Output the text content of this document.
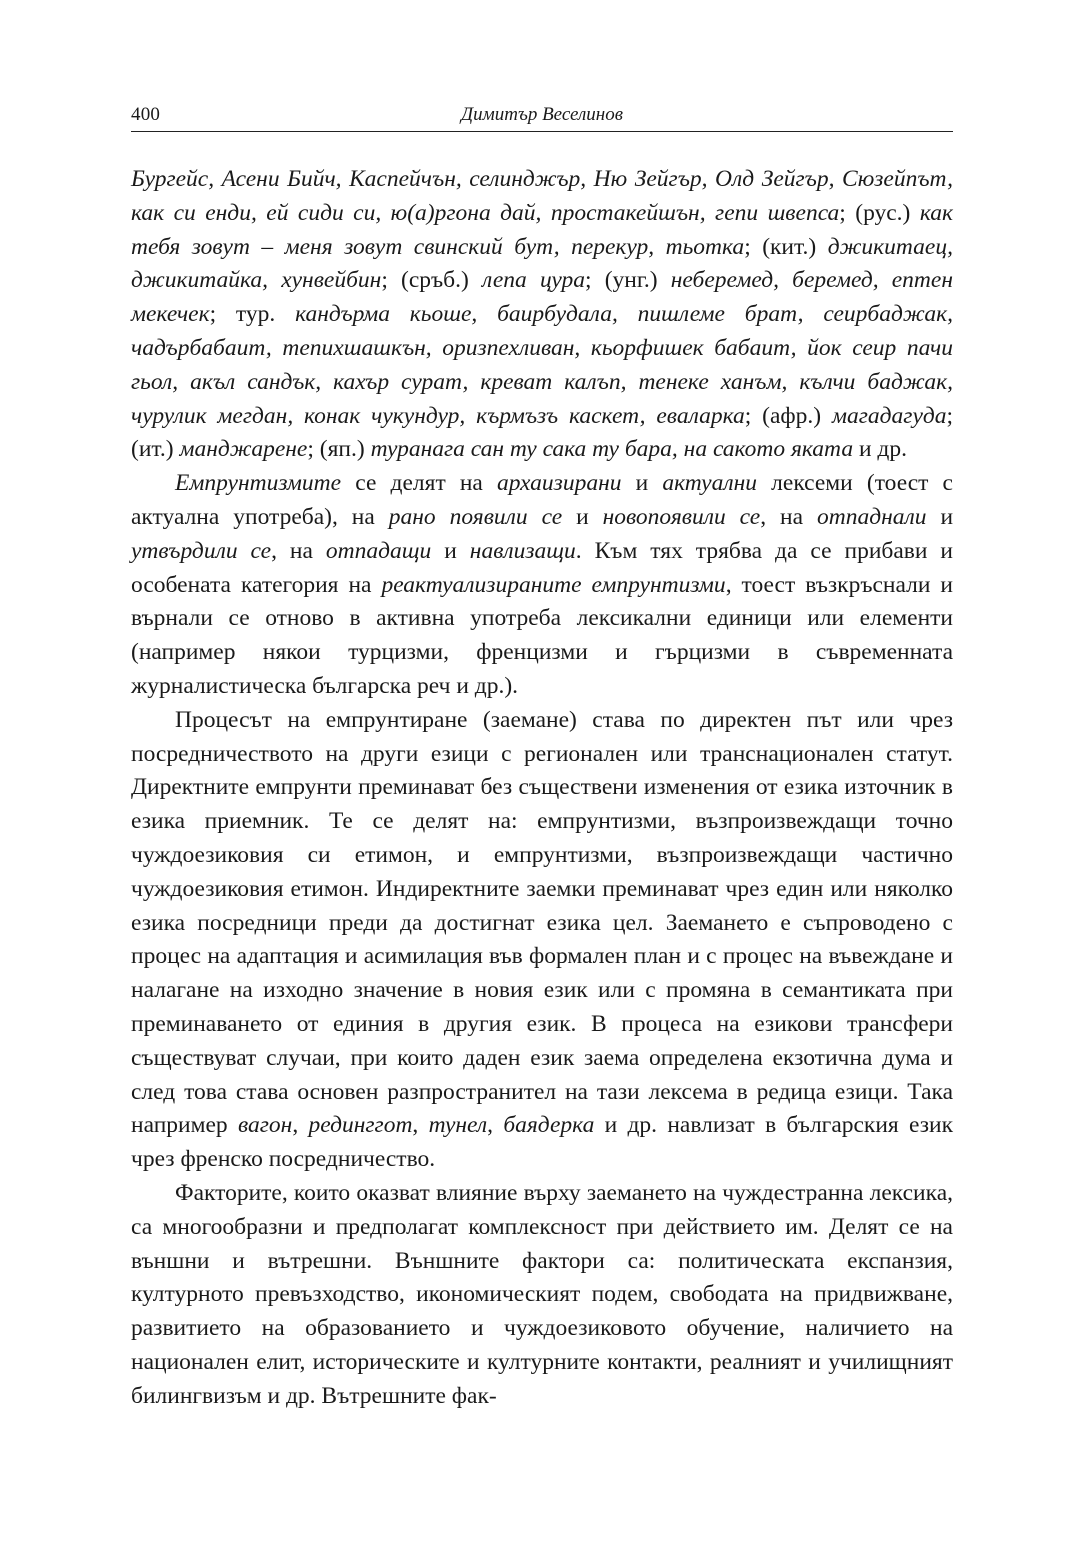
400	Димитър Веселинов

Бургейс, Асени Бийч, Каспейчън, селинджър, Ню Зейгър, Олд Зейгър, Сюзейпът, как си енди, ей сиди си, ю(а)ргона дай, простакейшън, гепи швепса; (рус.) как тебя зовут – меня зовут свинский бут, перекур, тьотка; (кит.) джикитаец, джикитайка, хунвейбин; (сръб.) лепа цура; (унг.) неберемед, беремед, ептен мекечек; тур. кандърма кьоше, баирбудала, пишлеме брат, сеирбаджак, чадърбабаит, тепихшашкън, оризпехливан, кьорфишек бабаит, йок сеир пачи гьол, акъл сандък, кахър сурат, креват калъп, тенеке ханъм, кълчи баджак, чурулик мегдан, конак чукундур, кърмъзъ каскет, еваларка; (афр.) магадагуда; (ит.) манджарене; (яп.) туранага сан ту сака ту бара, на сакото яката и др.

Емпрунтизмите се делят на архаизирани и актуални лексеми (тоест с актуална употреба), на рано появили се и новопоявили се, на отпаднали и утвърдили се, на отпадащи и навлизащи. Към тях трябва да се прибави и особената категория на реактуализираните емпрунтизми, тоест възкръснали и върнали се отново в активна употреба лексикални единици или елементи (например някои турцизми, френцизми и гърцизми в съвременната журналистическа българска реч и др.).

Процесът на емпрунтиране (заемане) става по директен път или чрез посредничеството на други езици с регионален или транснационален статут. Директните емпрунти преминават без съществени изменения от езика източник в езика приемник. Те се делят на: емпрунтизми, възпроизвеждащи точно чуждоезиковия си етимон, и емпрунтизми, възпроизвеждащи частично чуждоезиковия етимон. Индиректните заемки преминават чрез един или няколко езика посредници преди да достигнат езика цел. Заемането е съпроводено с процес на адаптация и асимилация във формален план и с процес на въвеждане и налагане на изходно значение в новия език или с промяна в семантиката при преминаването от единия в другия език. В процеса на езикови трансфери съществуват случаи, при които даден език заема определена екзотична дума и след това става основен разпространител на тази лексема в редица езици. Така например вагон, рединггот, тунел, баядерка и др. навлизат в българския език чрез френско посредничество.

Факторите, които оказват влияние върху заемането на чуждестранна лексика, са многообразни и предполагат комплексност при действието им. Делят се на външни и вътрешни. Външните фактори са: политическата експанзия, културното превъзходство, икономическият подем, свободата на придвижване, развитието на образованието и чуждоезиковото обучение, наличието на национален елит, историческите и културните контакти, реалният и училищният билингвизъм и др. Вътрешните фак-
